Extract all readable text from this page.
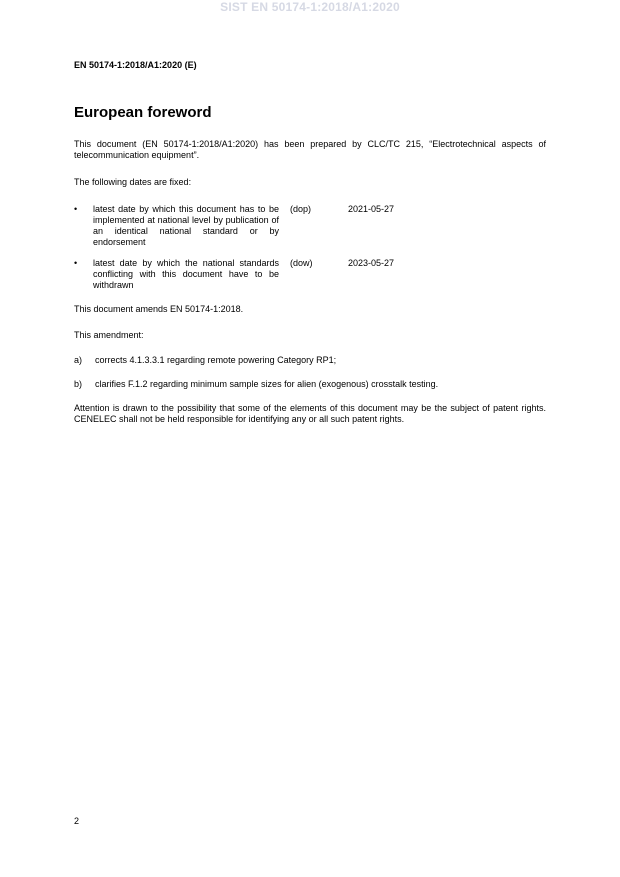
SIST EN 50174-1:2018/A1:2020
EN 50174-1:2018/A1:2020 (E)
European foreword
This document (EN 50174-1:2018/A1:2020) has been prepared by CLC/TC 215, “Electrotechnical aspects of telecommunication equipment”.
The following dates are fixed:
• latest date by which this document has to be implemented at national level by publication of an identical national standard or by endorsement
(dop)	2021-05-27
• latest date by which the national standards conflicting with this document have to be withdrawn
(dow)	2023-05-27
This document amends EN 50174-1:2018.
This amendment:
a) corrects 4.1.3.3.1 regarding remote powering Category RP1;
b) clarifies F.1.2 regarding minimum sample sizes for alien (exogenous) crosstalk testing.
Attention is drawn to the possibility that some of the elements of this document may be the subject of patent rights. CENELEC shall not be held responsible for identifying any or all such patent rights.
2
